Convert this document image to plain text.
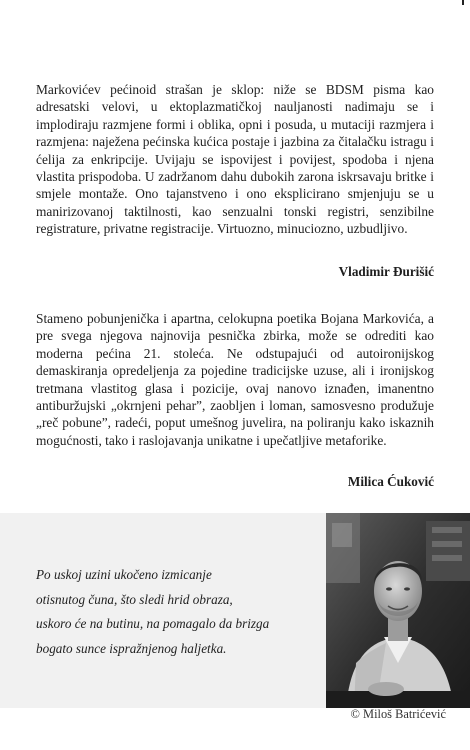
Markovićev pećinoid strašan je sklop: niže se BDSM pisma kao adresatski velovi, u ektoplazmatičkoj nauljanosti nadimaju se i implodiraju razmjene formi i oblika, opni i posuda, u mutaciji razmjera i razmjena: naježena pećinska kućica postaje i jazbina za čitalačku istragu i ćelija za enkripcije. Uvijaju se ispovijest i povijest, spodoba i njena vlastita prispodoba. U zadržanom dahu dubokih zarona iskrsavaju britke i smjele montaže. Ono tajanstveno i ono eksplicirano smjenjuju se u manirizovanoj taktilnosti, kao senzualni tonski registri, senzibilne registrature, privatne registracije. Virtuozno, minuciozno, uzbudljivo.

Vladimir Đurišić

Stameno pobunjenička i apartna, celokupna poetika Bojana Markovića, a pre svega njegova najnovija pesnička zbirka, može se odrediti kao moderna pećina 21. stoleća. Ne odstupajući od autoironijskog demaskiranja opredeljenja za pojedine tradicijske uzuse, ali i ironijskog tretmana vlastitog glasa i pozicije, ovaj nanovo iznađen, imanentno antiburžujski „okrnjeni pehar”, zaobljen i loman, samosvesno produžuje „reč pobune”, radeći, poput umešnog juvelira, na poliranju kako iskaznih mogućnosti, tako i raslojavanja unikatne i upečatljive metaforike.

Milica Ćuković

Po uskoj uzini ukočeno izmicanje
otisnutog čuna, što sledi hrid obraza,
uskoro će na butinu, na pomagalo da brizga
bogato sunce ispražnjenog haljetka.

© Miloš Batrićević
